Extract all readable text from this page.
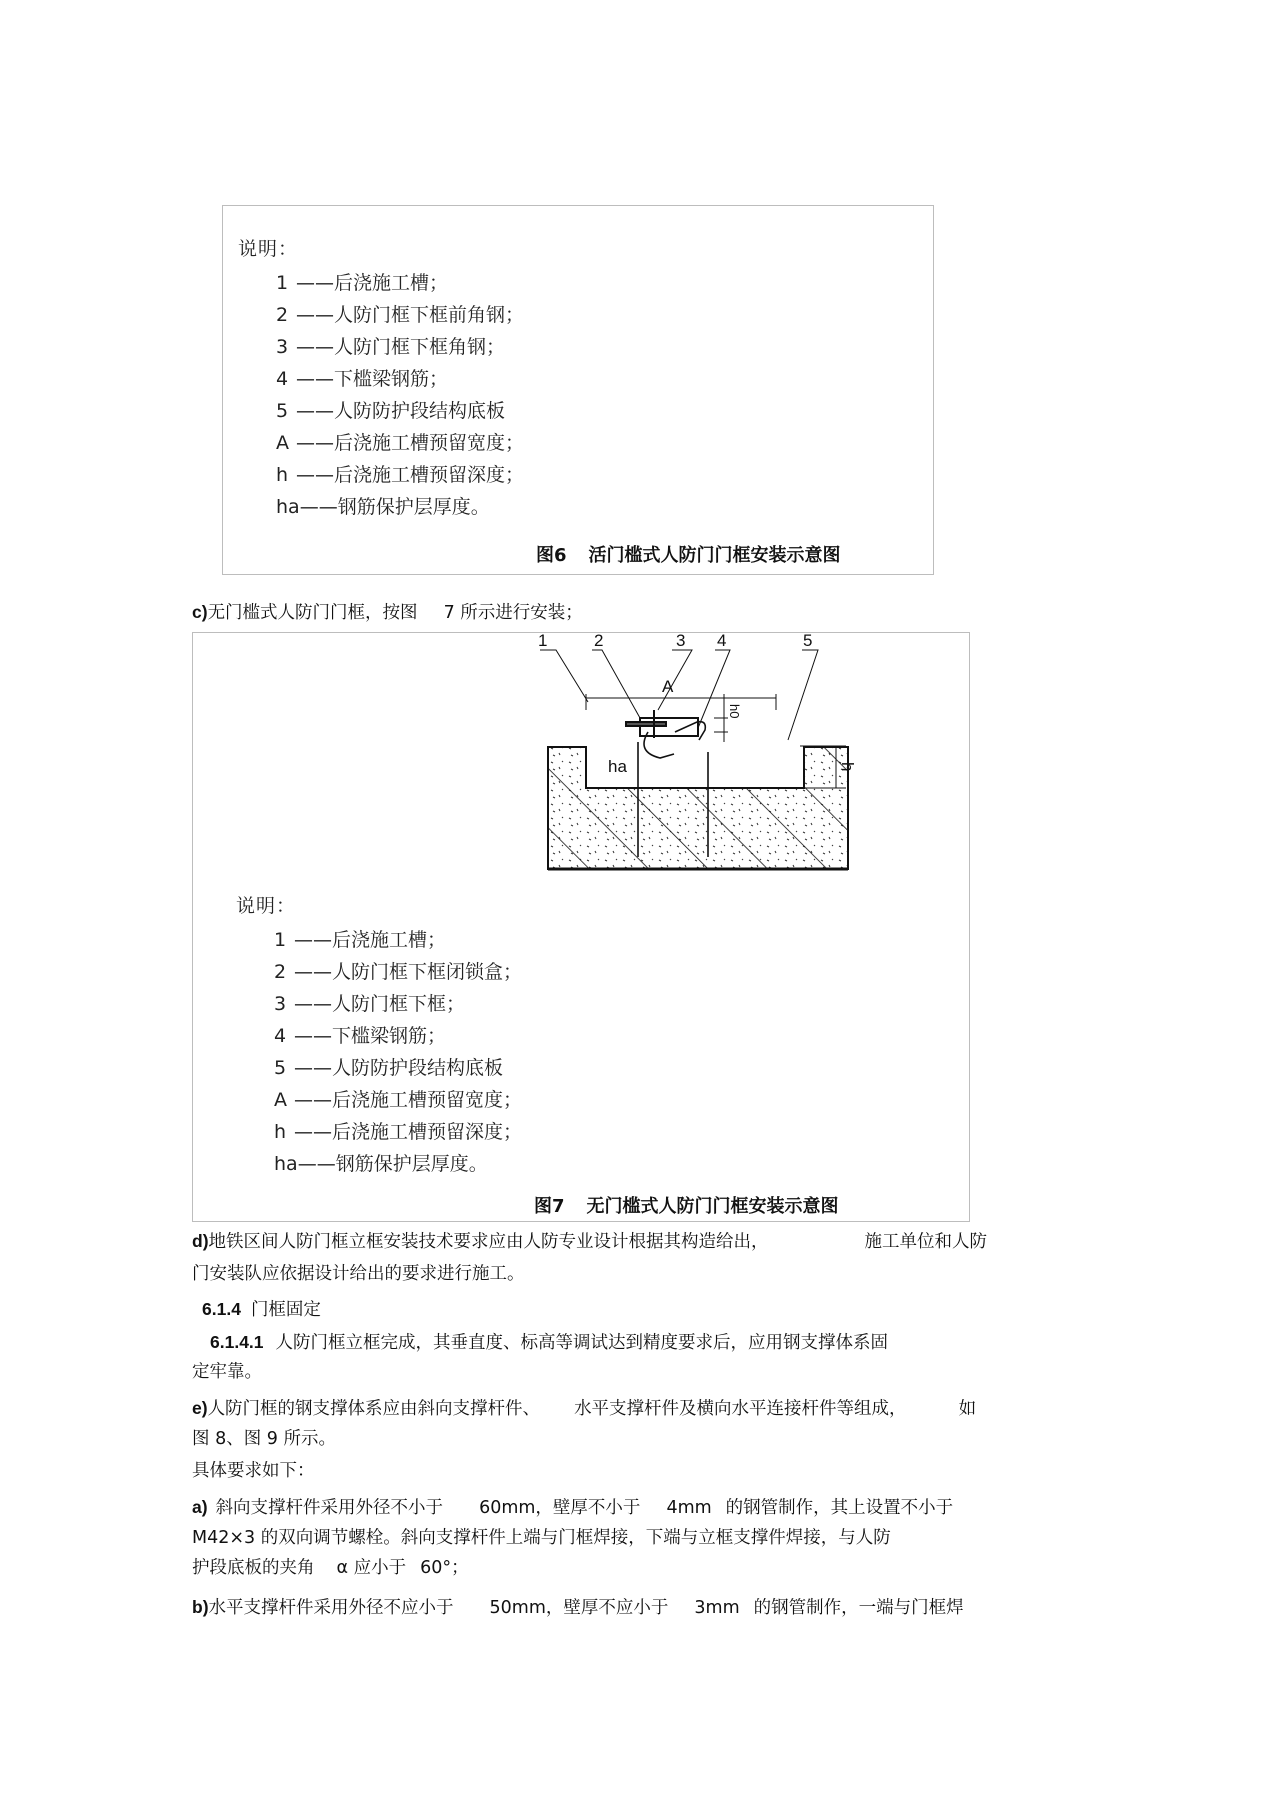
说明：
1 ——后浇施工槽；
2 ——人防门框下框前角钢；
3 ——人防门框下框角钢；
4 ——下槛梁钢筋；
5 ——人防防护段结构底板
A ——后浇施工槽预留宽度；
h ——后浇施工槽预留深度；
ha——钢筋保护层厚度。
图6 活门槛式人防门门框安装示意图
c)无门槛式人防门门框，按图 7 所示进行安装；
1	2	3 4	5
A
ha	h
h0
说明：
1 ——后浇施工槽；
2 ——人防门框下框闭锁盒；
3 ——人防门框下框；
4 ——下槛梁钢筋；
5 ——人防防护段结构底板
A ——后浇施工槽预留宽度；
h ——后浇施工槽预留深度；
ha——钢筋保护层厚度。
图7 无门槛式人防门门框安装示意图
d)地铁区间人防门框立框安装技术要求应由人防专业设计根据其构造给出，	施工单位和人防
门安装队应依据设计给出的要求进行施工。
6.1.4 门框固定
6.1.4.1 人防门框立框完成，其垂直度、标高等调试达到精度要求后，应用钢支撑体系固
定牢靠。
e)人防门框的钢支撑体系应由斜向支撑杆件、 水平支撑杆件及横向水平连接杆件等组成，	如
图 8、图 9 所示。
具体要求如下：
a) 斜向支撑杆件采用外径不小于 60mm，壁厚不小于 4mm 的钢管制作，其上设置不小于
M42×3 的双向调节螺栓。斜向支撑杆件上端与门框焊接，下端与立框支撑件焊接，与人防
护段底板的夹角 α 应小于 60°；
b)水平支撑杆件采用外径不应小于 50mm，壁厚不应小于 3mm 的钢管制作，一端与门框焊
